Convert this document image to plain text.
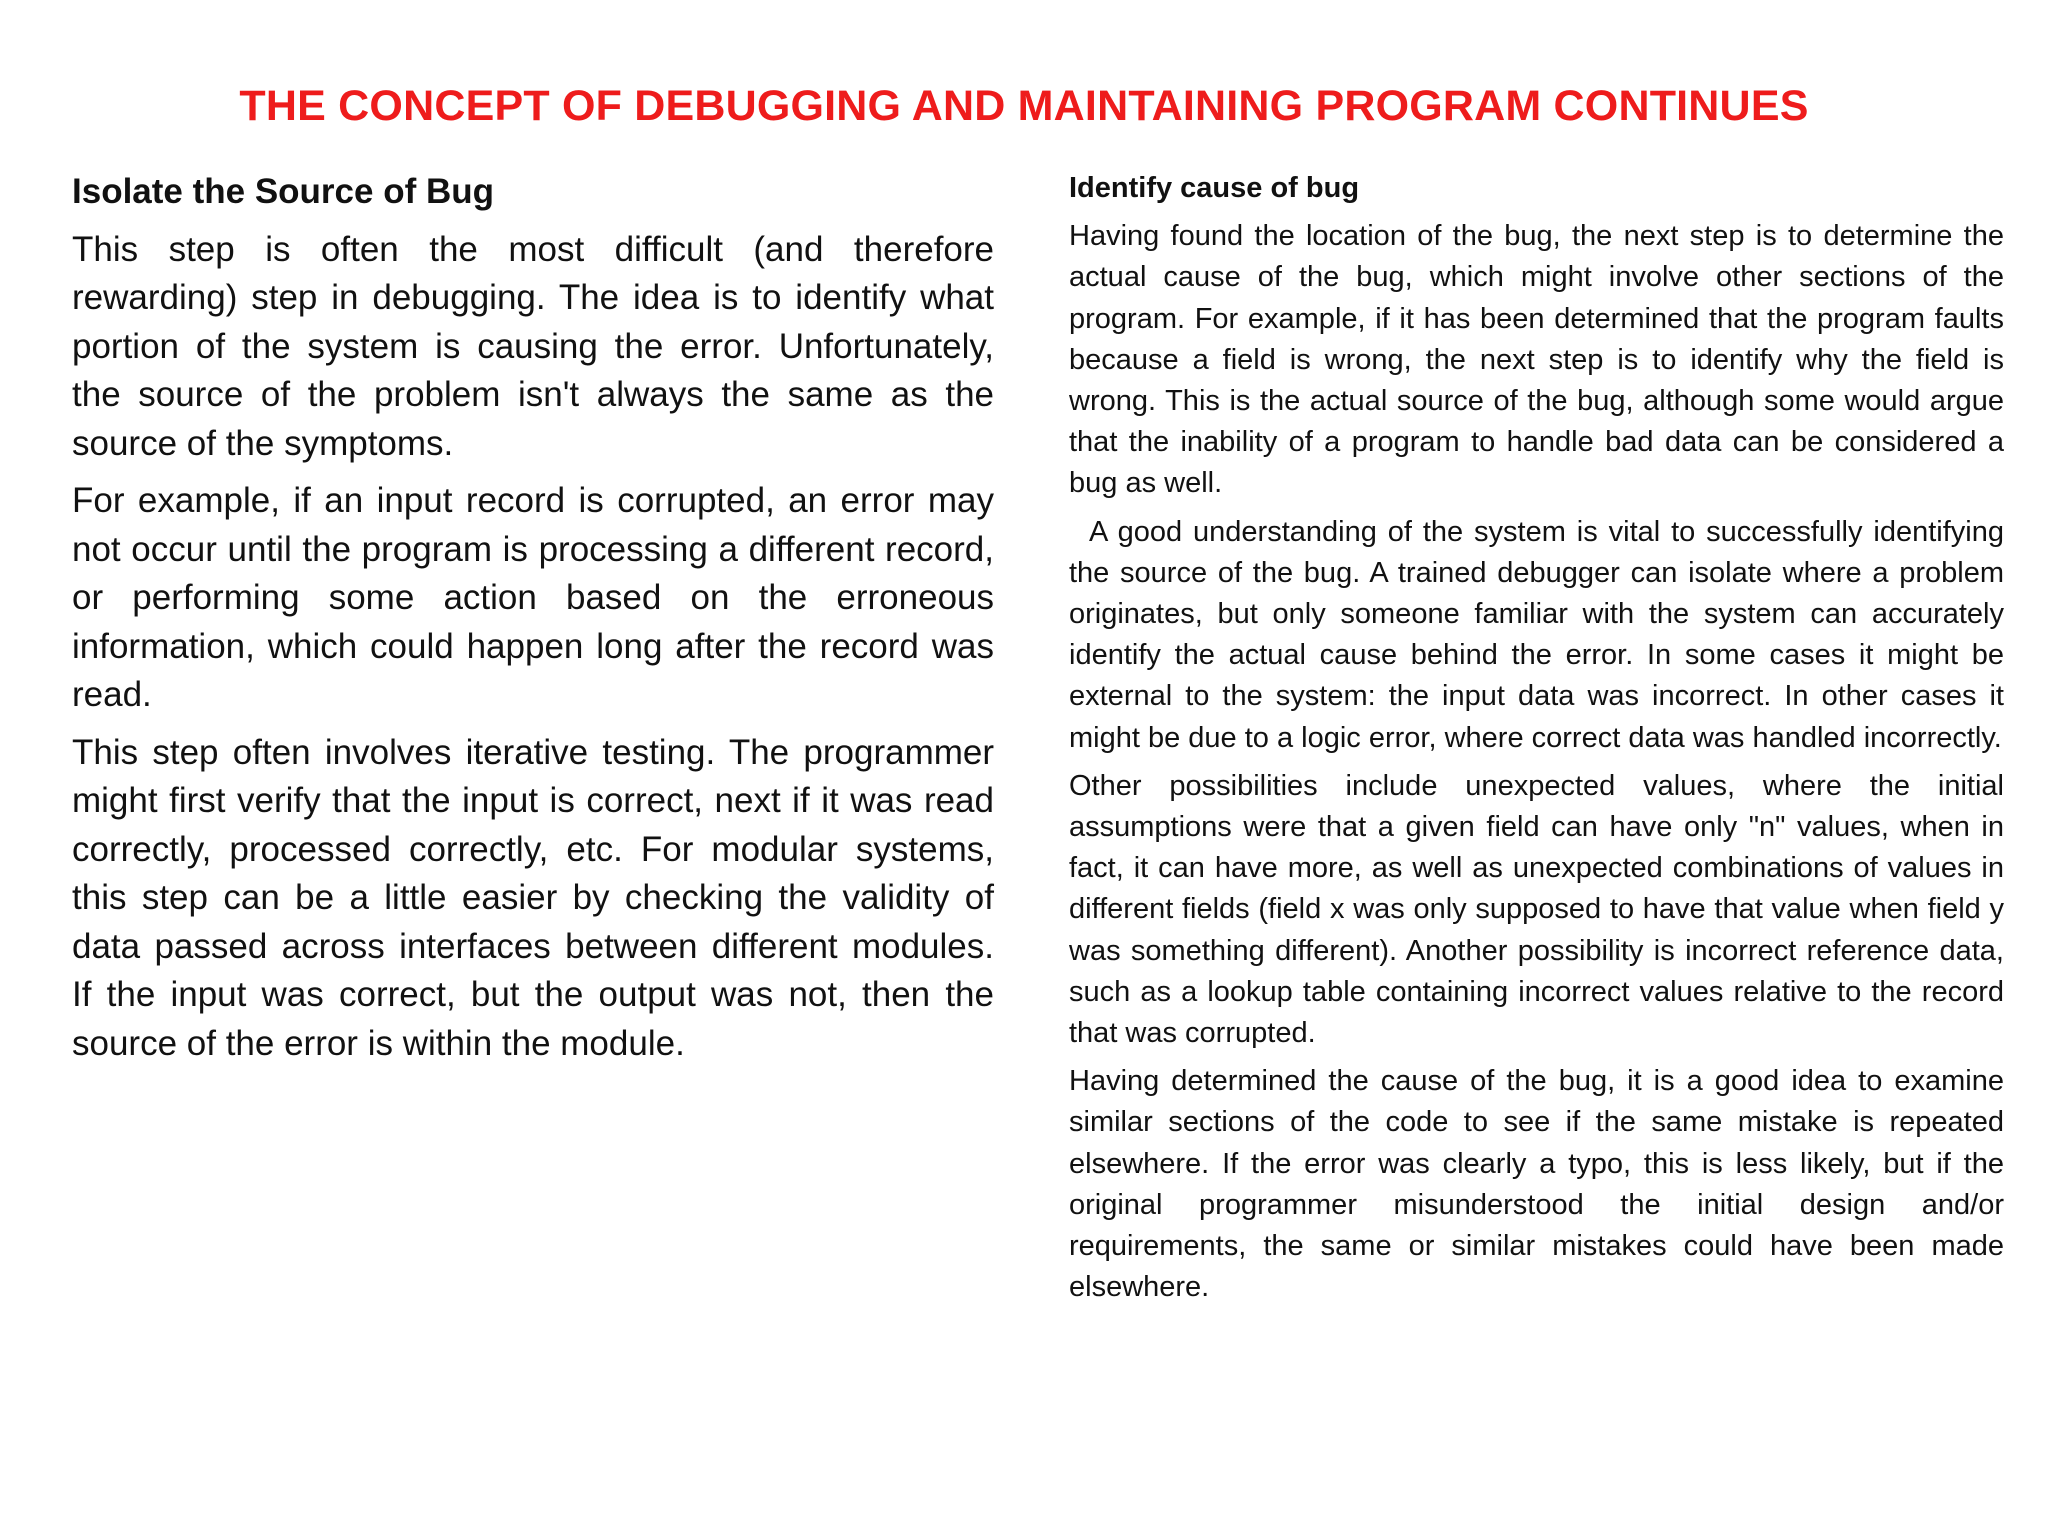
THE CONCEPT OF DEBUGGING AND MAINTAINING PROGRAM CONTINUES
Isolate the Source of Bug

This step is often the most difficult (and therefore rewarding) step in debugging. The idea is to identify what portion of the system is causing the error. Unfortunately, the source of the problem isn't always the same as the source of the symptoms.

For example, if an input record is corrupted, an error may not occur until the program is processing a different record, or performing some action based on the erroneous information, which could happen long after the record was read.

This step often involves iterative testing. The programmer might first verify that the input is correct, next if it was read correctly, processed correctly, etc. For modular systems, this step can be a little easier by checking the validity of data passed across interfaces between different modules. If the input was correct, but the output was not, then the source of the error is within the module.

Identify cause of bug

Having found the location of the bug, the next step is to determine the actual cause of the bug, which might involve other sections of the program. For example, if it has been determined that the program faults because a field is wrong, the next step is to identify why the field is wrong. This is the actual source of the bug, although some would argue that the inability of a program to handle bad data can be considered a bug as well.

A good understanding of the system is vital to successfully identifying the source of the bug. A trained debugger can isolate where a problem originates, but only someone familiar with the system can accurately identify the actual cause behind the error. In some cases it might be external to the system: the input data was incorrect. In other cases it might be due to a logic error, where correct data was handled incorrectly.

Other possibilities include unexpected values, where the initial assumptions were that a given field can have only "n" values, when in fact, it can have more, as well as unexpected combinations of values in different fields (field x was only supposed to have that value when field y was something different). Another possibility is incorrect reference data, such as a lookup table containing incorrect values relative to the record that was corrupted.

Having determined the cause of the bug, it is a good idea to examine similar sections of the code to see if the same mistake is repeated elsewhere. If the error was clearly a typo, this is less likely, but if the original programmer misunderstood the initial design and/or requirements, the same or similar mistakes could have been made elsewhere.
